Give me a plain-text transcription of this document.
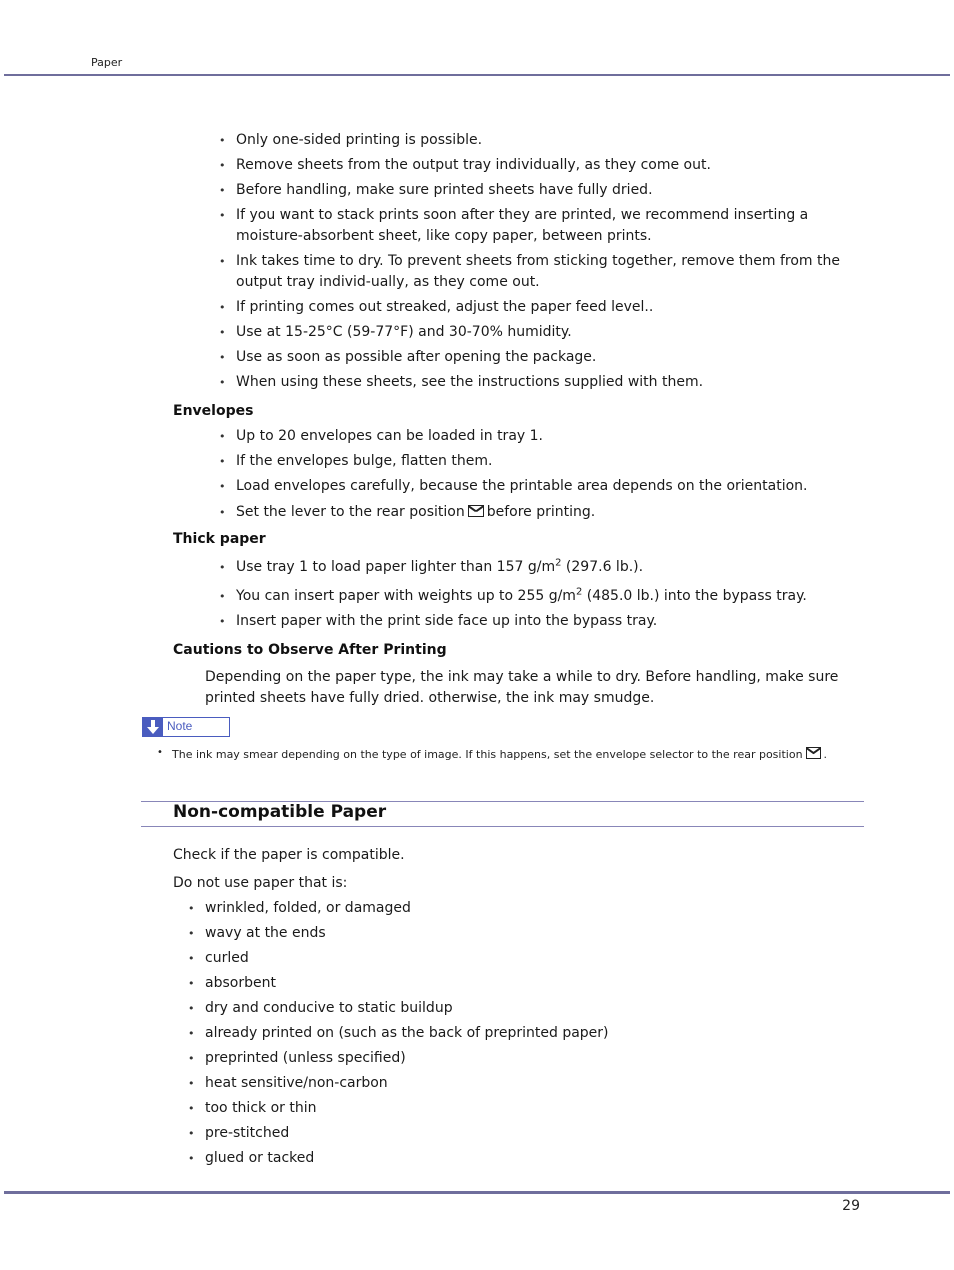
Paper
• Only one-sided printing is possible.
• Remove sheets from the output tray individually, as they come out.
• Before handling, make sure printed sheets have fully dried.
• If you want to stack prints soon after they are printed, we recommend inserting a moisture-absorbent sheet, like copy paper, between prints.
• Ink takes time to dry. To prevent sheets from sticking together, remove them from the output tray individ-ually, as they come out.
• If printing comes out streaked, adjust the paper feed level..
• Use at 15-25°C (59-77°F) and 30-70% humidity.
• Use as soon as possible after opening the package.
• When using these sheets, see the instructions supplied with them.
Envelopes
• Up to 20 envelopes can be loaded in tray 1.
• If the envelopes bulge, flatten them.
• Load envelopes carefully, because the printable area depends on the orientation.
• Set the lever to the rear position before printing.
Thick paper
• Use tray 1 to load paper lighter than 157 $g/m^2$ (297.6 lb.).
• You can insert paper with weights up to 255 $g/m^2$ (485.0 lb.) into the bypass tray.
• Insert paper with the print side face up into the bypass tray.
Cautions to Observe After Printing
Depending on the paper type, the ink may take a while to dry. Before handling, make sure printed sheets have fully dried. otherwise, the ink may smudge.
Note
• The ink may smear depending on the type of image. If this happens, set the envelope selector to the rear position .
Non-compatible Paper
Check if the paper is compatible.
Do not use paper that is:
• wrinkled, folded, or damaged
• wavy at the ends
• curled
• absorbent
• dry and conducive to static buildup
• already printed on (such as the back of preprinted paper)
• preprinted (unless specified)
• heat sensitive/non-carbon
• too thick or thin
• pre-stitched
• glued or tacked
29
